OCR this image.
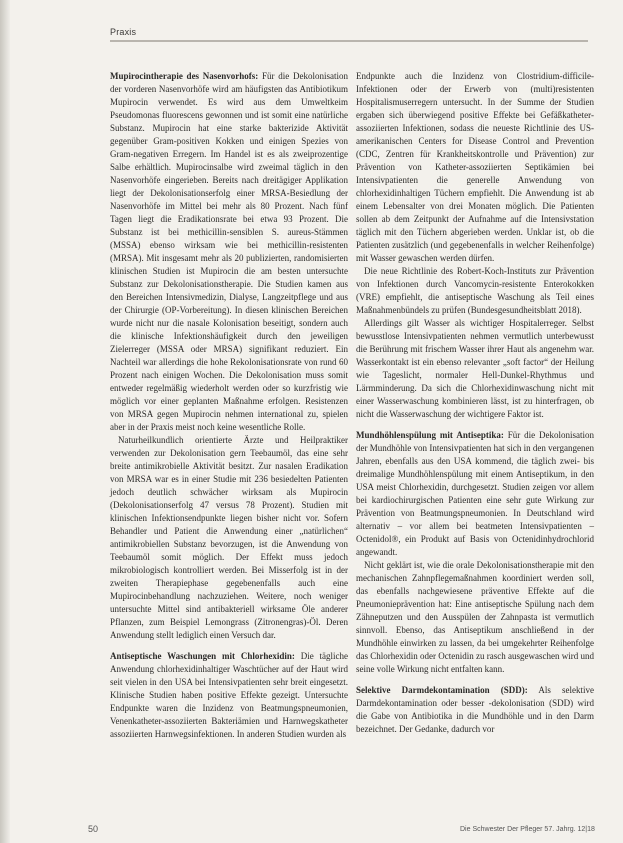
Praxis

Mupirocintherapie des Nasenvorhofs: Für die Dekolonisation der vorderen Nasenvorhöfe wird am häufigsten das Antibiotikum Mupirocin verwendet. Es wird aus dem Umweltkeim Pseudomonas fluorescens gewonnen und ist somit eine natürliche Substanz. Mupirocin hat eine starke bakterizide Aktivität gegenüber Gram-positiven Kokken und einigen Spezies von Gram-negativen Erregern. Im Handel ist es als zweiprozentige Salbe erhältlich. Mupirocinsalbe wird zweimal täglich in den Nasenvorhöfe eingerieben. Bereits nach dreitägiger Applikation liegt der Dekolonisationserfolg einer MRSA-Besiedlung der Nasenvorhöfe im Mittel bei mehr als 80 Prozent. Nach fünf Tagen liegt die Eradikationsrate bei etwa 93 Prozent. Die Substanz ist bei methicillin-sensiblen S. aureus-Stämmen (MSSA) ebenso wirksam wie bei methicillin-resistenten (MRSA). Mit insgesamt mehr als 20 publizierten, randomisierten klinischen Studien ist Mupirocin die am besten untersuchte Substanz zur Dekolonisationstherapie. Die Studien kamen aus den Bereichen Intensivmedizin, Dialyse, Langzeitpflege und aus der Chirurgie (OP-Vorbereitung). In diesen klinischen Bereichen wurde nicht nur die nasale Kolonisation beseitigt, sondern auch die klinische Infektionshäufigkeit durch den jeweiligen Zielerreger (MSSA oder MRSA) signifikant reduziert. Ein Nachteil war allerdings die hohe Rekolonisationsrate von rund 60 Prozent nach einigen Wochen. Die Dekolonisation muss somit entweder regelmäßig wiederholt werden oder so kurzfristig wie möglich vor einer geplanten Maßnahme erfolgen. Resistenzen von MRSA gegen Mupirocin nehmen international zu, spielen aber in der Praxis meist noch keine wesentliche Rolle.

Naturheilkundlich orientierte Ärzte und Heilpraktiker verwenden zur Dekolonisation gern Teebaumöl, das eine sehr breite antimikrobielle Aktivität besitzt. Zur nasalen Eradikation von MRSA war es in einer Studie mit 236 besiedelten Patienten jedoch deutlich schwächer wirksam als Mupirocin (Dekolonisationserfolg 47 versus 78 Prozent). Studien mit klinischen Infektionsendpunkte liegen bisher nicht vor. Sofern Behandler und Patient die Anwendung einer „natürlichen“ antimikrobiellen Substanz bevorzugen, ist die Anwendung von Teebaumöl somit möglich. Der Effekt muss jedoch mikrobiologisch kontrolliert werden. Bei Misserfolg ist in der zweiten Therapiephase gegebenenfalls auch eine Mupirocinbehandlung nachzuziehen. Weitere, noch weniger untersuchte Mittel sind antibakteriell wirksame Öle anderer Pflanzen, zum Beispiel Lemongrass (Zitronengras)-Öl. Deren Anwendung stellt lediglich einen Versuch dar.

Antiseptische Waschungen mit Chlorhexidin: Die tägliche Anwendung chlorhexidinhaltiger Waschtücher auf der Haut wird seit vielen in den USA bei Intensivpatienten sehr breit eingesetzt. Klinische Studien haben positive Effekte gezeigt. Untersuchte Endpunkte waren die Inzidenz von Beatmungspneumonien, Venenkatheter-assoziierten Bakteriämien und Harnwegskatheter assoziierten Harnwegsinfektionen. In anderen Studien wurden als

Endpunkte auch die Inzidenz von Clostridium-difficile-Infektionen oder der Erwerb von (multi)resistenten Hospitalismuserregern untersucht. In der Summe der Studien ergaben sich überwiegend positive Effekte bei Gefäßkatheter-assoziierten Infektionen, sodass die neueste Richtlinie des US-amerikanischen Centers for Disease Control and Prevention (CDC, Zentren für Krankheitskontrolle und Prävention) zur Prävention von Katheter-assoziierten Septikämien bei Intensivpatienten die generelle Anwendung von chlorhexidinhaltigen Tüchern empfiehlt. Die Anwendung ist ab einem Lebensalter von drei Monaten möglich. Die Patienten sollen ab dem Zeitpunkt der Aufnahme auf die Intensivstation täglich mit den Tüchern abgerieben werden. Unklar ist, ob die Patienten zusätzlich (und gegebenenfalls in welcher Reihenfolge) mit Wasser gewaschen werden dürfen.

Die neue Richtlinie des Robert-Koch-Instituts zur Prävention von Infektionen durch Vancomycin-resistente Enterokokken (VRE) empfiehlt, die antiseptische Waschung als Teil eines Maßnahmenbündels zu prüfen (Bundesgesundheitsblatt 2018).

Allerdings gilt Wasser als wichtiger Hospitalerreger. Selbst bewusstlose Intensivpatienten nehmen vermutlich unterbewusst die Berührung mit frischem Wasser ihrer Haut als angenehm war. Wasserkontakt ist ein ebenso relevanter „soft factor“ der Heilung wie Tageslicht, normaler Hell-Dunkel-Rhythmus und Lärmminderung. Da sich die Chlorhexidinwaschung nicht mit einer Wasserwaschung kombinieren lässt, ist zu hinterfragen, ob nicht die Wasserwaschung der wichtigere Faktor ist.

Mundhöhlenspülung mit Antiseptika: Für die Dekolonisation der Mundhöhle von Intensivpatienten hat sich in den vergangenen Jahren, ebenfalls aus den USA kommend, die täglich zwei- bis dreimalige Mundhöhlenspülung mit einem Antiseptikum, in den USA meist Chlorhexidin, durchgesetzt. Studien zeigen vor allem bei kardiochirurgischen Patienten eine sehr gute Wirkung zur Prävention von Beatmungspneumonien. In Deutschland wird alternativ – vor allem bei beatmeten Intensivpatienten – Octenidol®, ein Produkt auf Basis von Octenidinhydrochlorid angewandt.

Nicht geklärt ist, wie die orale Dekolonisationstherapie mit den mechanischen Zahnpflegemaßnahmen koordiniert werden soll, das ebenfalls nachgewiesene präventive Effekte auf die Pneumonieprävention hat: Eine antiseptische Spülung nach dem Zähneputzen und den Ausspülen der Zahnpasta ist vermutlich sinnvoll. Ebenso, das Antiseptikum anschließend in der Mundhöhle einwirken zu lassen, da bei umgekehrter Reihenfolge das Chlorhexidin oder Octenidin zu rasch ausgewaschen wird und seine volle Wirkung nicht entfalten kann.

Selektive Darmdekontamination (SDD): Als selektive Darmdekontamination oder besser -dekolonisation (SDD) wird die Gabe von Antibiotika in die Mundhöhle und in den Darm bezeichnet. Der Gedanke, dadurch vor

50	Die Schwester Der Pfleger 57. Jahrg. 12|18
